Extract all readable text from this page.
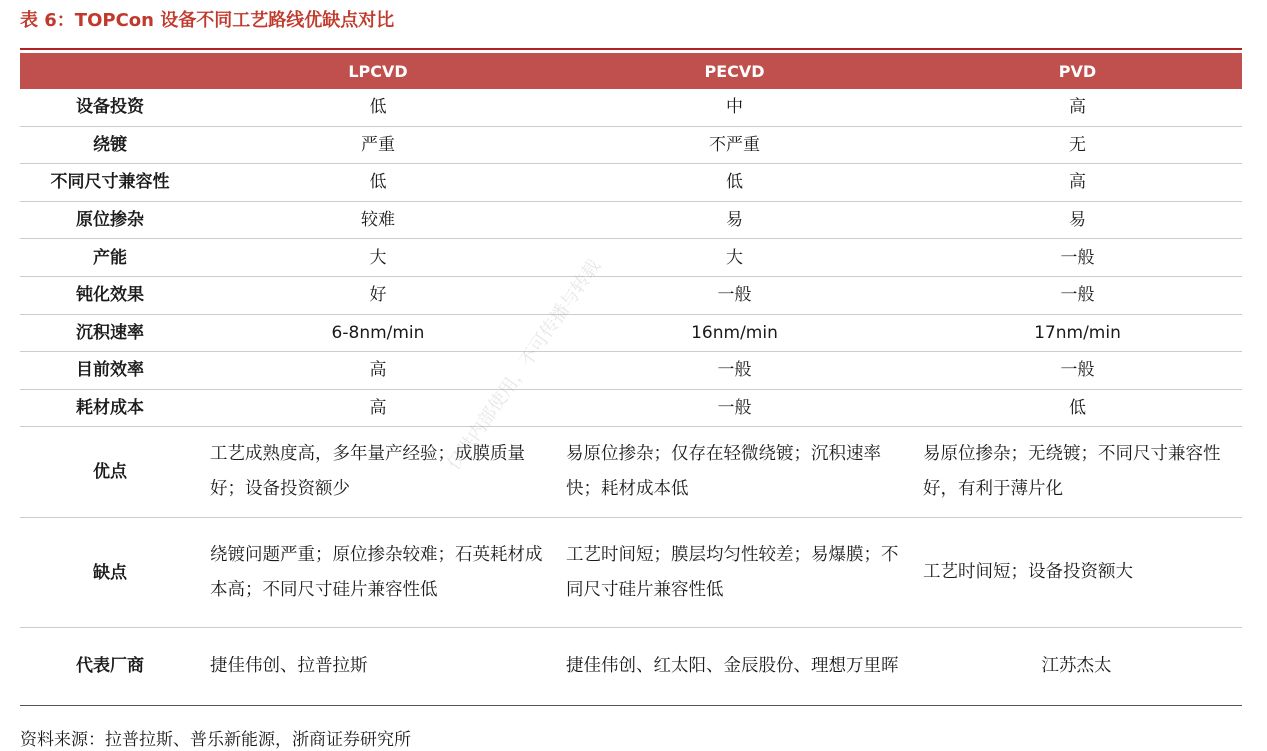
表 6：TOPCon 设备不同工艺路线优缺点对比
	LPCVD	PECVD	PVD
设备投资	低	中	高
绕镀	严重	不严重	无
不同尺寸兼容性	低	低	高
原位掺杂	较难	易	易
产能	大	大	一般
钝化效果	好	一般	一般
沉积速率	6-8nm/min	16nm/min	17nm/min
目前效率	高	一般	一般
耗材成本	高	一般	低
优点	工艺成熟度高，多年量产经验；成膜质量好；设备投资额少	易原位掺杂；仅存在轻微绕镀；沉积速率快；耗材成本低	易原位掺杂；无绕镀；不同尺寸兼容性好，有利于薄片化
缺点	绕镀问题严重；原位掺杂较难；石英耗材成本高；不同尺寸硅片兼容性低	工艺时间短；膜层均匀性较差；易爆膜；不同尺寸硅片兼容性低	工艺时间短；设备投资额大
代表厂商	捷佳伟创、拉普拉斯	捷佳伟创、红太阳、金辰股份、理想万里晖	江苏杰太
资料来源：拉普拉斯、普乐新能源，浙商证券研究所
仅供内部使用，不可传播与转载
